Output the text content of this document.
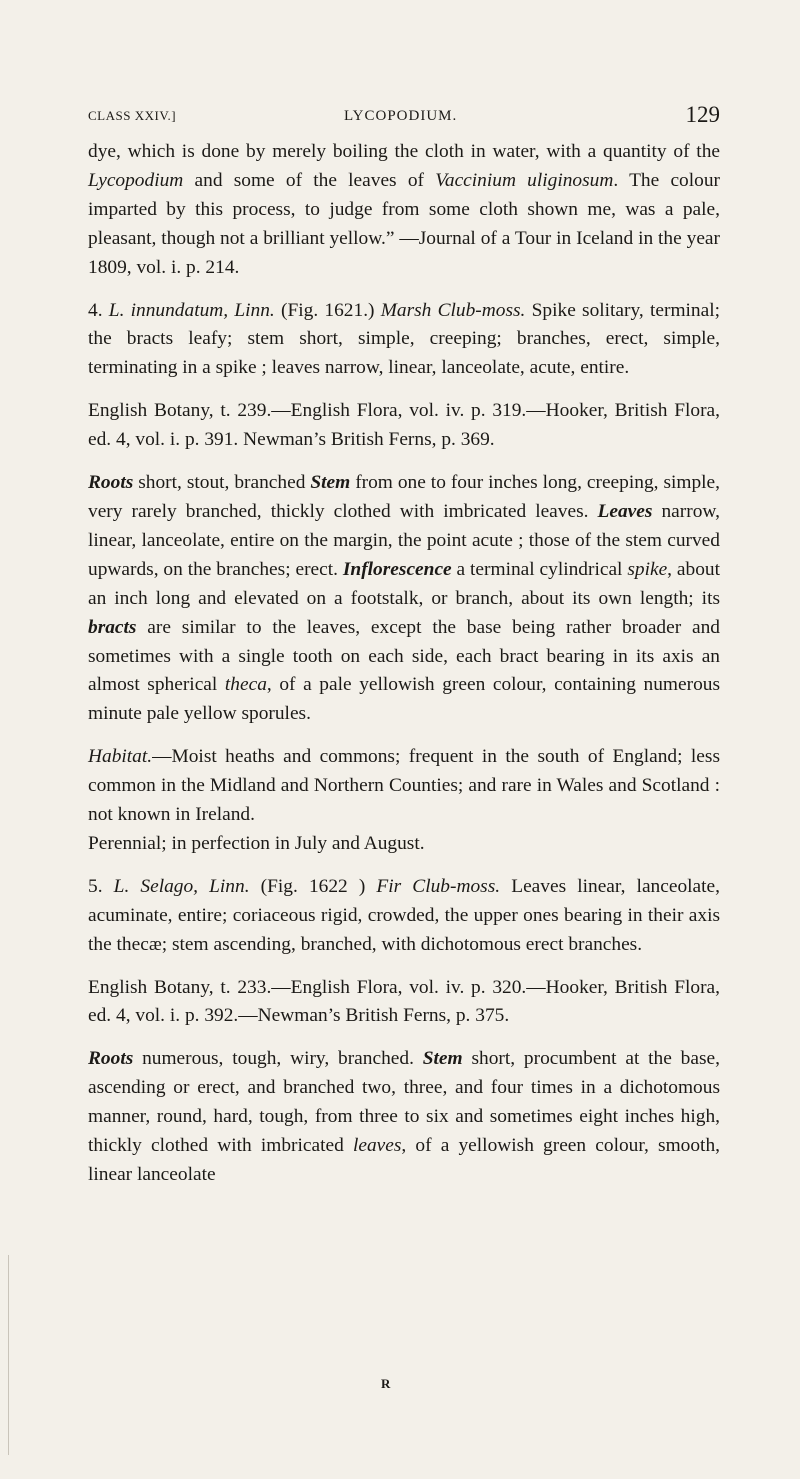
CLASS XXIV.]	LYCOPODIUM.	129

dye, which is done by merely boiling the cloth in water, with a quantity of the Lycopodium and some of the leaves of Vaccinium uliginosum. The colour imparted by this process, to judge from some cloth shown me, was a pale, pleasant, though not a brilliant yellow.” —Journal of a Tour in Iceland in the year 1809, vol. i. p. 214.

4. L. innundatum, Linn. (Fig. 1621.) Marsh Club-moss. Spike solitary, terminal; the bracts leafy; stem short, simple, creeping; branches, erect, simple, terminating in a spike ; leaves narrow, linear, lanceolate, acute, entire.

English Botany, t. 239.—English Flora, vol. iv. p. 319.—Hooker, British Flora, ed. 4, vol. i. p. 391. Newman’s British Ferns, p. 369.

Roots short, stout, branched Stem from one to four inches long, creeping, simple, very rarely branched, thickly clothed with imbricated leaves. Leaves narrow, linear, lanceolate, entire on the margin, the point acute ; those of the stem curved upwards, on the branches; erect. Inflorescence a terminal cylindrical spike, about an inch long and elevated on a footstalk, or branch, about its own length; its bracts are similar to the leaves, except the base being rather broader and sometimes with a single tooth on each side, each bract bearing in its axis an almost spherical theca, of a pale yellowish green colour, containing numerous minute pale yellow sporules.

Habitat.—Moist heaths and commons; frequent in the south of England; less common in the Midland and Northern Counties; and rare in Wales and Scotland : not known in Ireland.

Perennial; in perfection in July and August.

5. L. Selago, Linn. (Fig. 1622 ) Fir Club-moss. Leaves linear, lanceolate, acuminate, entire; coriaceous rigid, crowded, the upper ones bearing in their axis the thecæ; stem ascending, branched, with dichotomous erect branches.

English Botany, t. 233.—English Flora, vol. iv. p. 320.—Hooker, British Flora, ed. 4, vol. i. p. 392.—Newman’s British Ferns, p. 375.

Roots numerous, tough, wiry, branched. Stem short, procumbent at the base, ascending or erect, and branched two, three, and four times in a dichotomous manner, round, hard, tough, from three to six and sometimes eight inches high, thickly clothed with imbricated leaves, of a yellowish green colour, smooth, linear lanceolate

R
